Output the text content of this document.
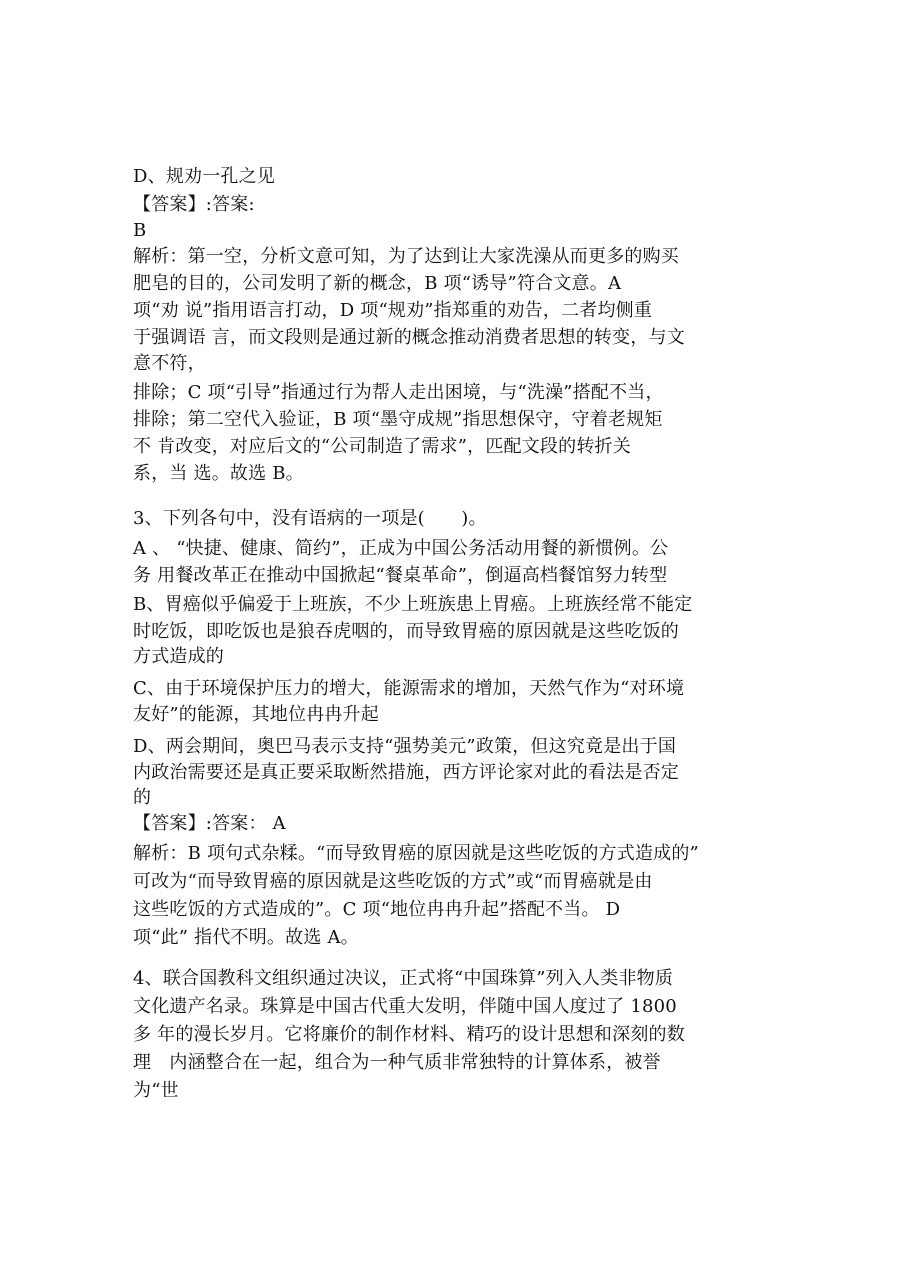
D、规劝一孔之见
【答案】:答案:
B
解析：第一空，分析文意可知，为了达到让大家洗澡从而更多的购买
肥皂的目的，公司发明了新的概念，B 项“诱导”符合文意。A
项“劝 说”指用语言打动，D 项“规劝”指郑重的劝告，二者均侧重
于强调语 言，而文段则是通过新的概念推动消费者思想的转变，与文
意不符，
排除；C 项“引导”指通过行为帮人走出困境，与“洗澡”搭配不当，
排除；第二空代入验证，B 项“墨守成规”指思想保守，守着老规矩
不 肯改变，对应后文的“公司制造了需求”，匹配文段的转折关
系，当 选。故选 B。
3、下列各句中，没有语病的一项是(　　)。
A 、 “快捷、健康、简约”，正成为中国公务活动用餐的新惯例。公
务 用餐改革正在推动中国掀起“餐桌革命”，倒逼高档餐馆努力转型
B、胃癌似乎偏爱于上班族，不少上班族患上胃癌。上班族经常不能定
时吃饭，即吃饭也是狼吞虎咽的，而导致胃癌的原因就是这些吃饭的
方式造成的
C、由于环境保护压力的增大，能源需求的增加，天然气作为“对环境
友好”的能源，其地位冉冉升起
D、两会期间，奥巴马表示支持“强势美元”政策，但这究竟是出于国
内政治需要还是真正要采取断然措施，西方评论家对此的看法是否定
的
【答案】:答案： A
解析：B 项句式杂糅。“而导致胃癌的原因就是这些吃饭的方式造成的”
可改为“而导致胃癌的原因就是这些吃饭的方式”或“而胃癌就是由
这些吃饭的方式造成的”。C 项“地位冉冉升起”搭配不当。 D
项“此” 指代不明。故选 A。
4、联合国教科文组织通过决议，正式将“中国珠算”列入人类非物质
文化遗产名录。珠算是中国古代重大发明，伴随中国人度过了 1800
多 年的漫长岁月。它将廉价的制作材料、精巧的设计思想和深刻的数
理　内涵整合在一起，组合为一种气质非常独特的计算体系，被誉
为“世
